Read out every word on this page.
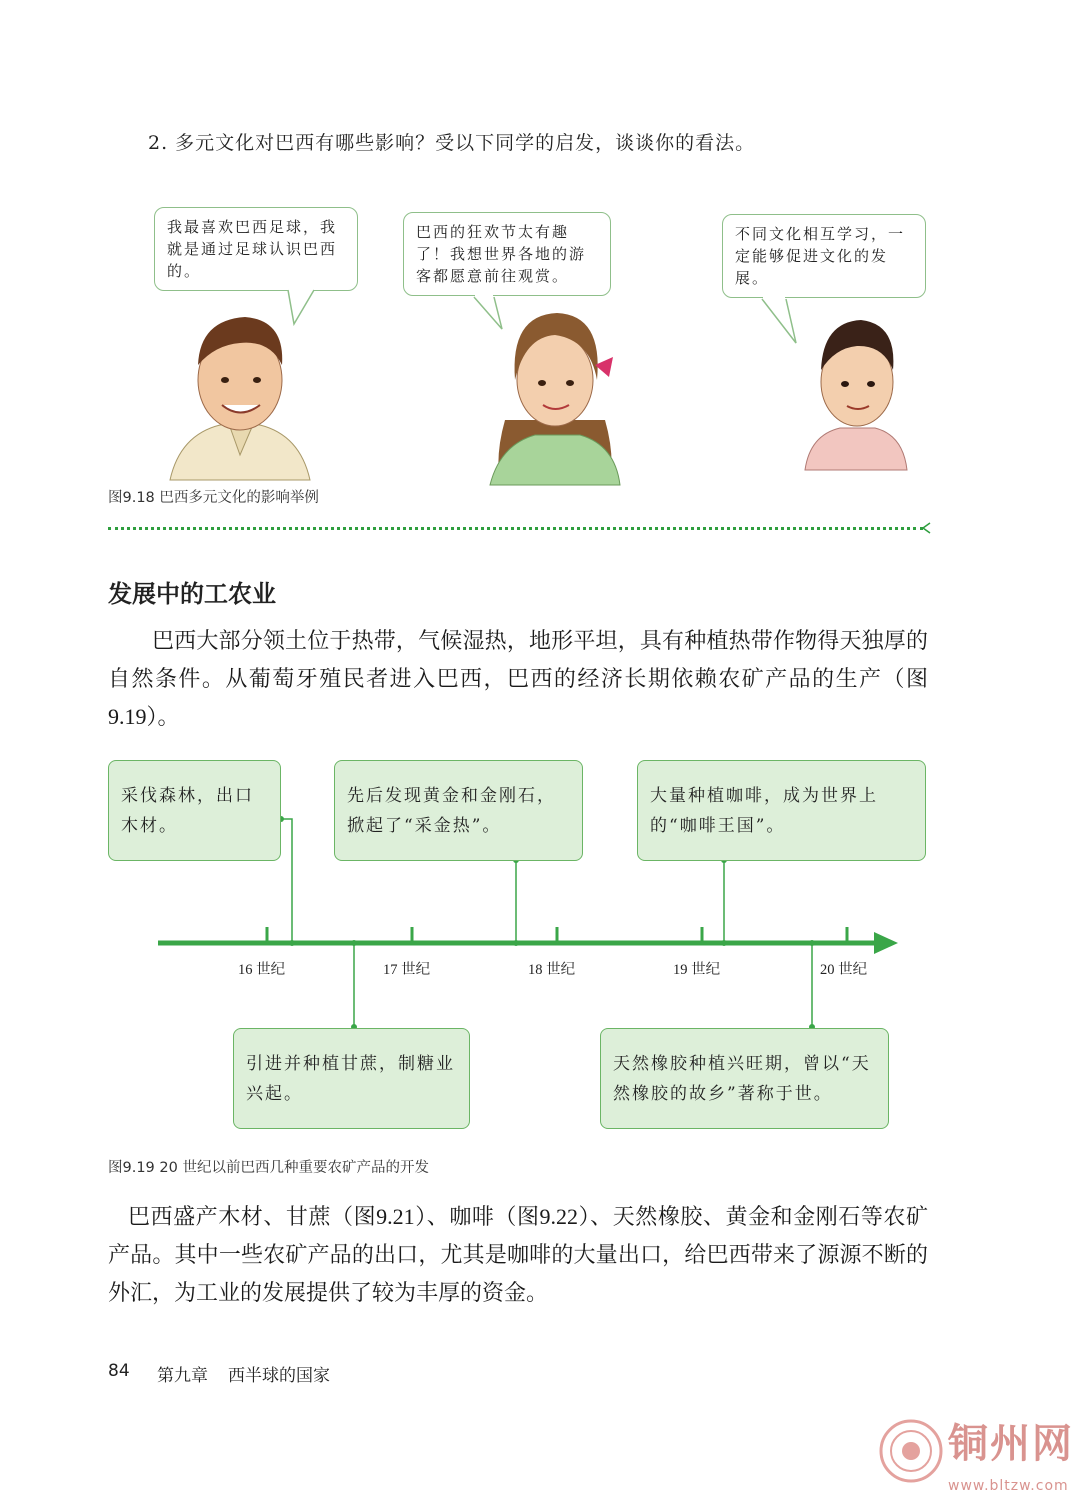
2. 多元文化对巴西有哪些影响？受以下同学的启发，谈谈你的看法。
我最喜欢巴西足球，我就是通过足球认识巴西的。
巴西的狂欢节太有趣了！我想世界各地的游客都愿意前往观赏。
不同文化相互学习，一定能够促进文化的发展。
图9.18 巴西多元文化的影响举例
发展中的工农业
巴西大部分领土位于热带，气候湿热，地形平坦，具有种植热带作物得天独厚的自然条件。从葡萄牙殖民者进入巴西，巴西的经济长期依赖农矿产品的生产（图9.19）。
采伐森林，出口木材。
先后发现黄金和金刚石，掀起了“采金热”。
大量种植咖啡，成为世界上的“咖啡王国”。
引进并种植甘蔗，制糖业兴起。
天然橡胶种植兴旺期，曾以“天然橡胶的故乡”著称于世。
16 世纪	17 世纪	18 世纪	19 世纪	20 世纪
图9.19 20 世纪以前巴西几种重要农矿产品的开发
巴西盛产木材、甘蔗（图9.21）、咖啡（图9.22）、天然橡胶、黄金和金刚石等农矿产品。其中一些农矿产品的出口，尤其是咖啡的大量出口，给巴西带来了源源不断的外汇，为工业的发展提供了较为丰厚的资金。
84 第九章 西半球的国家
铜州网
www.bltzw.com
